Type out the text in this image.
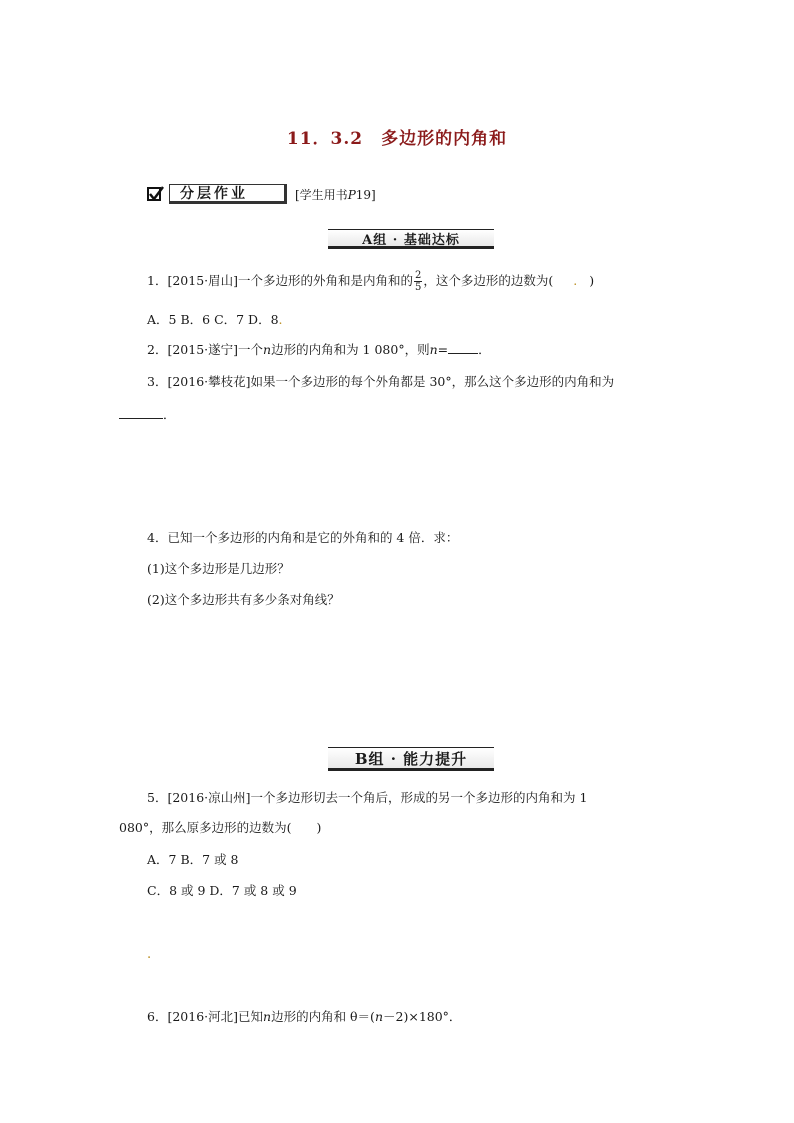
11．3.2　多边形的内角和
分层作业	[学生用书P19]
A组 · 基础达标
1．[2015·眉山]一个多边形的外角和是内角和的 $\frac{2}{5}$ ，这个多边形的边数为( . )
A．5 B．6 C．7 D．8.
2．[2015·遂宁]一个n边形的内角和为 1 080°，则n= ．
3．[2016·攀枝花]如果一个多边形的每个外角都是 30°，那么这个多边形的内角和为
．
4．已知一个多边形的内角和是它的外角和的 4 倍．求：
(1)这个多边形是几边形？
(2)这个多边形共有多少条对角线？
B组 · 能力提升
5．[2016·凉山州]一个多边形切去一个角后，形成的另一个多边形的内角和为 1
080°，那么原多边形的边数为(　　)
A．7 B．7 或 8
C．8 或 9 D．7 或 8 或 9
.
6．[2016·河北]已知n边形的内角和 θ＝(n－2)×180°．
